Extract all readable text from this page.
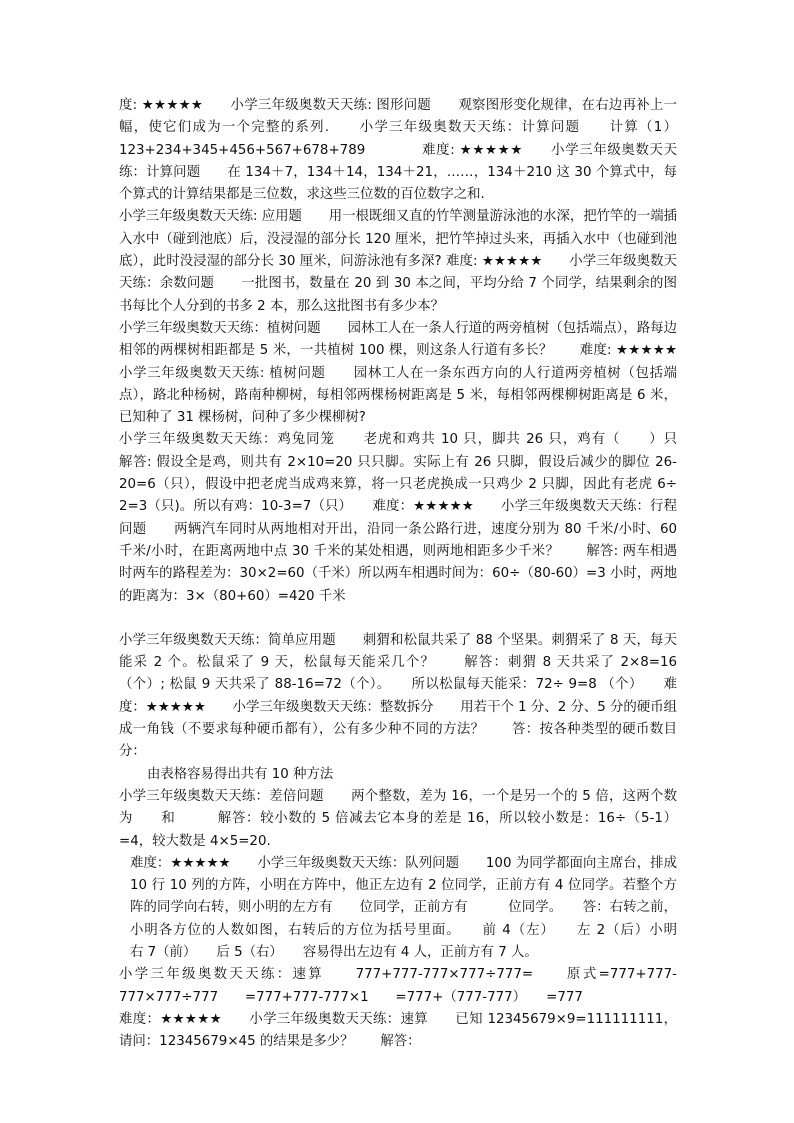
度: ★★★★★　　小学三年级奥数天天练: 图形问题　　观察图形变化规律，在右边再补上一幅，使它们成为一个完整的系列.　　小学三年级奥数天天练：计算问题　　计算（1）123+234+345+456+567+678+789　　　　难度: ★★★★★　　小学三年级奥数天天练：计算问题　　在 134＋7，134＋14，134＋21，……，134＋210 这 30 个算式中，每个算式的计算结果都是三位数，求这些三位数的百位数字之和．

小学三年级奥数天天练: 应用题　　用一根既细又直的竹竿测量游泳池的水深，把竹竿的一端插入水中（碰到池底）后，没浸湿的部分长 120 厘米，把竹竿掉过头来，再插入水中（也碰到池底），此时没浸湿的部分长 30 厘米，问游泳池有多深? 难度: ★★★★★　　小学三年级奥数天天练：余数问题　　一批图书，数量在 20 到 30 本之间，平均分给 7 个同学，结果剩余的图书每比个人分到的书多 2 本，那么这批图书有多少本？

小学三年级奥数天天练：植树问题　　园林工人在一条人行道的两旁植树（包括端点），路每边相邻的两棵树相距都是 5 米，一共植树 100 棵，则这条人行道有多长？　　难度: ★★★★★　　小学三年级奥数天天练: 植树问题　　园林工人在一条东西方向的人行道两旁植树（包括端点），路北种杨树，路南种柳树，每相邻两棵杨树距离是 5 米，每相邻两棵柳树距离是 6 米，已知种了 31 棵杨树，问种了多少棵柳树?

小学三年级奥数天天练：鸡兔同笼　　老虎和鸡共 10 只，脚共 26 只，鸡有（　　）只　　解答: 假设全是鸡，则共有 2×10=20 只只脚。实际上有 26 只脚，假设后减少的脚位 26-20=6（只），假设中把老虎当成鸡来算，将一只老虎换成一只鸡少 2 只脚，因此有老虎 6÷ 2=3（只)。所以有鸡：10-3=7（只）　　难度：★★★★★　　小学三年级奥数天天练：行程问题　　两辆汽车同时从两地相对开出，沿同一条公路行进，速度分别为 80 千米/小时、60 千米/小时，在距离两地中点 30 千米的某处相遇，则两地相距多少千米？　　解答: 两车相遇时两车的路程差为：30×2=60（千米）所以两车相遇时间为：60÷（80-60）=3 小时，两地的距离为：3×（80+60）=420 千米

小学三年级奥数天天练：简单应用题　　刺猬和松鼠共采了 88 个坚果。刺猬采了 8 天，每天能采 2 个。松鼠采了 9 天，松鼠每天能采几个？　　解答：刺猬 8 天共采了 2×8=16（个）; 松鼠 9 天共采了 88-16=72（个）。　　所以松鼠每天能采：72÷ 9=8 （个）　　难度：★★★★★　　小学三年级奥数天天练：整数拆分　　用若干个 1 分、2 分、5 分的硬币组成一角钱（不要求每种硬币都有），公有多少种不同的方法？　　答：按各种类型的硬币数目分：

由表格容易得出共有 10 种方法

小学三年级奥数天天练：差倍问题　　两个整数，差为 16，一个是另一个的 5 倍，这两个数为　　和　　　解答：较小数的 5 倍减去它本身的差是 16，所以较小数是：16÷（5-1）=4，较大数是 4×5=20.

难度：★★★★★　　小学三年级奥数天天练：队列问题　　100 为同学都面向主席台，排成 10 行 10 列的方阵，小明在方阵中，他正左边有 2 位同学，正前方有 4 位同学。若整个方阵的同学向右转，则小明的左方有　　位同学，正前方有　　　位同学。　　答：右转之前，小明各方位的人数如图，右转后的方位为括号里面。　　前 4（左）　　左 2（后）小明　　　右 7（前）　　后 5（右）　　容易得出左边有 4 人，正前方有 7 人。

小学三年级奥数天天练：速算　　777+777-777×777÷777=　　原式=777+777-777×777÷777　　=777+777-777×1　　=777+（777-777）　　=777

难度：★★★★★　　小学三年级奥数天天练：速算　　已知 12345679×9=111111111，请问：12345679×45 的结果是多少？　　解答：
